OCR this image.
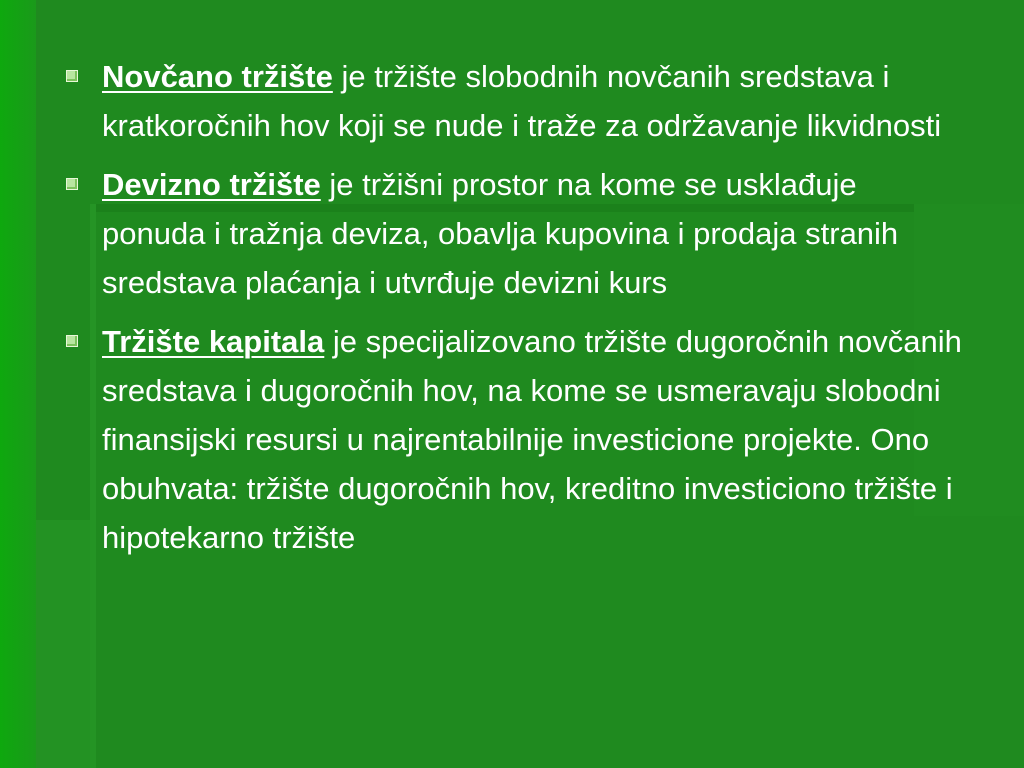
Novčano tržište je tržište slobodnih novčanih sredstava i kratkoročnih hov koji se nude i traže za održavanje likvidnosti
Devizno tržište je tržišni prostor na kome se usklađuje ponuda i tražnja deviza, obavlja kupovina i prodaja stranih sredstava plaćanja i utvrđuje devizni kurs
Tržište kapitala je specijalizovano tržište dugoročnih novčanih sredstava i dugoročnih hov, na kome se usmeravaju slobodni finansijski resursi u najrentabilnije investicione projekte. Ono obuhvata: tržište dugoročnih hov, kreditno investiciono tržište i hipotekarno tržište
